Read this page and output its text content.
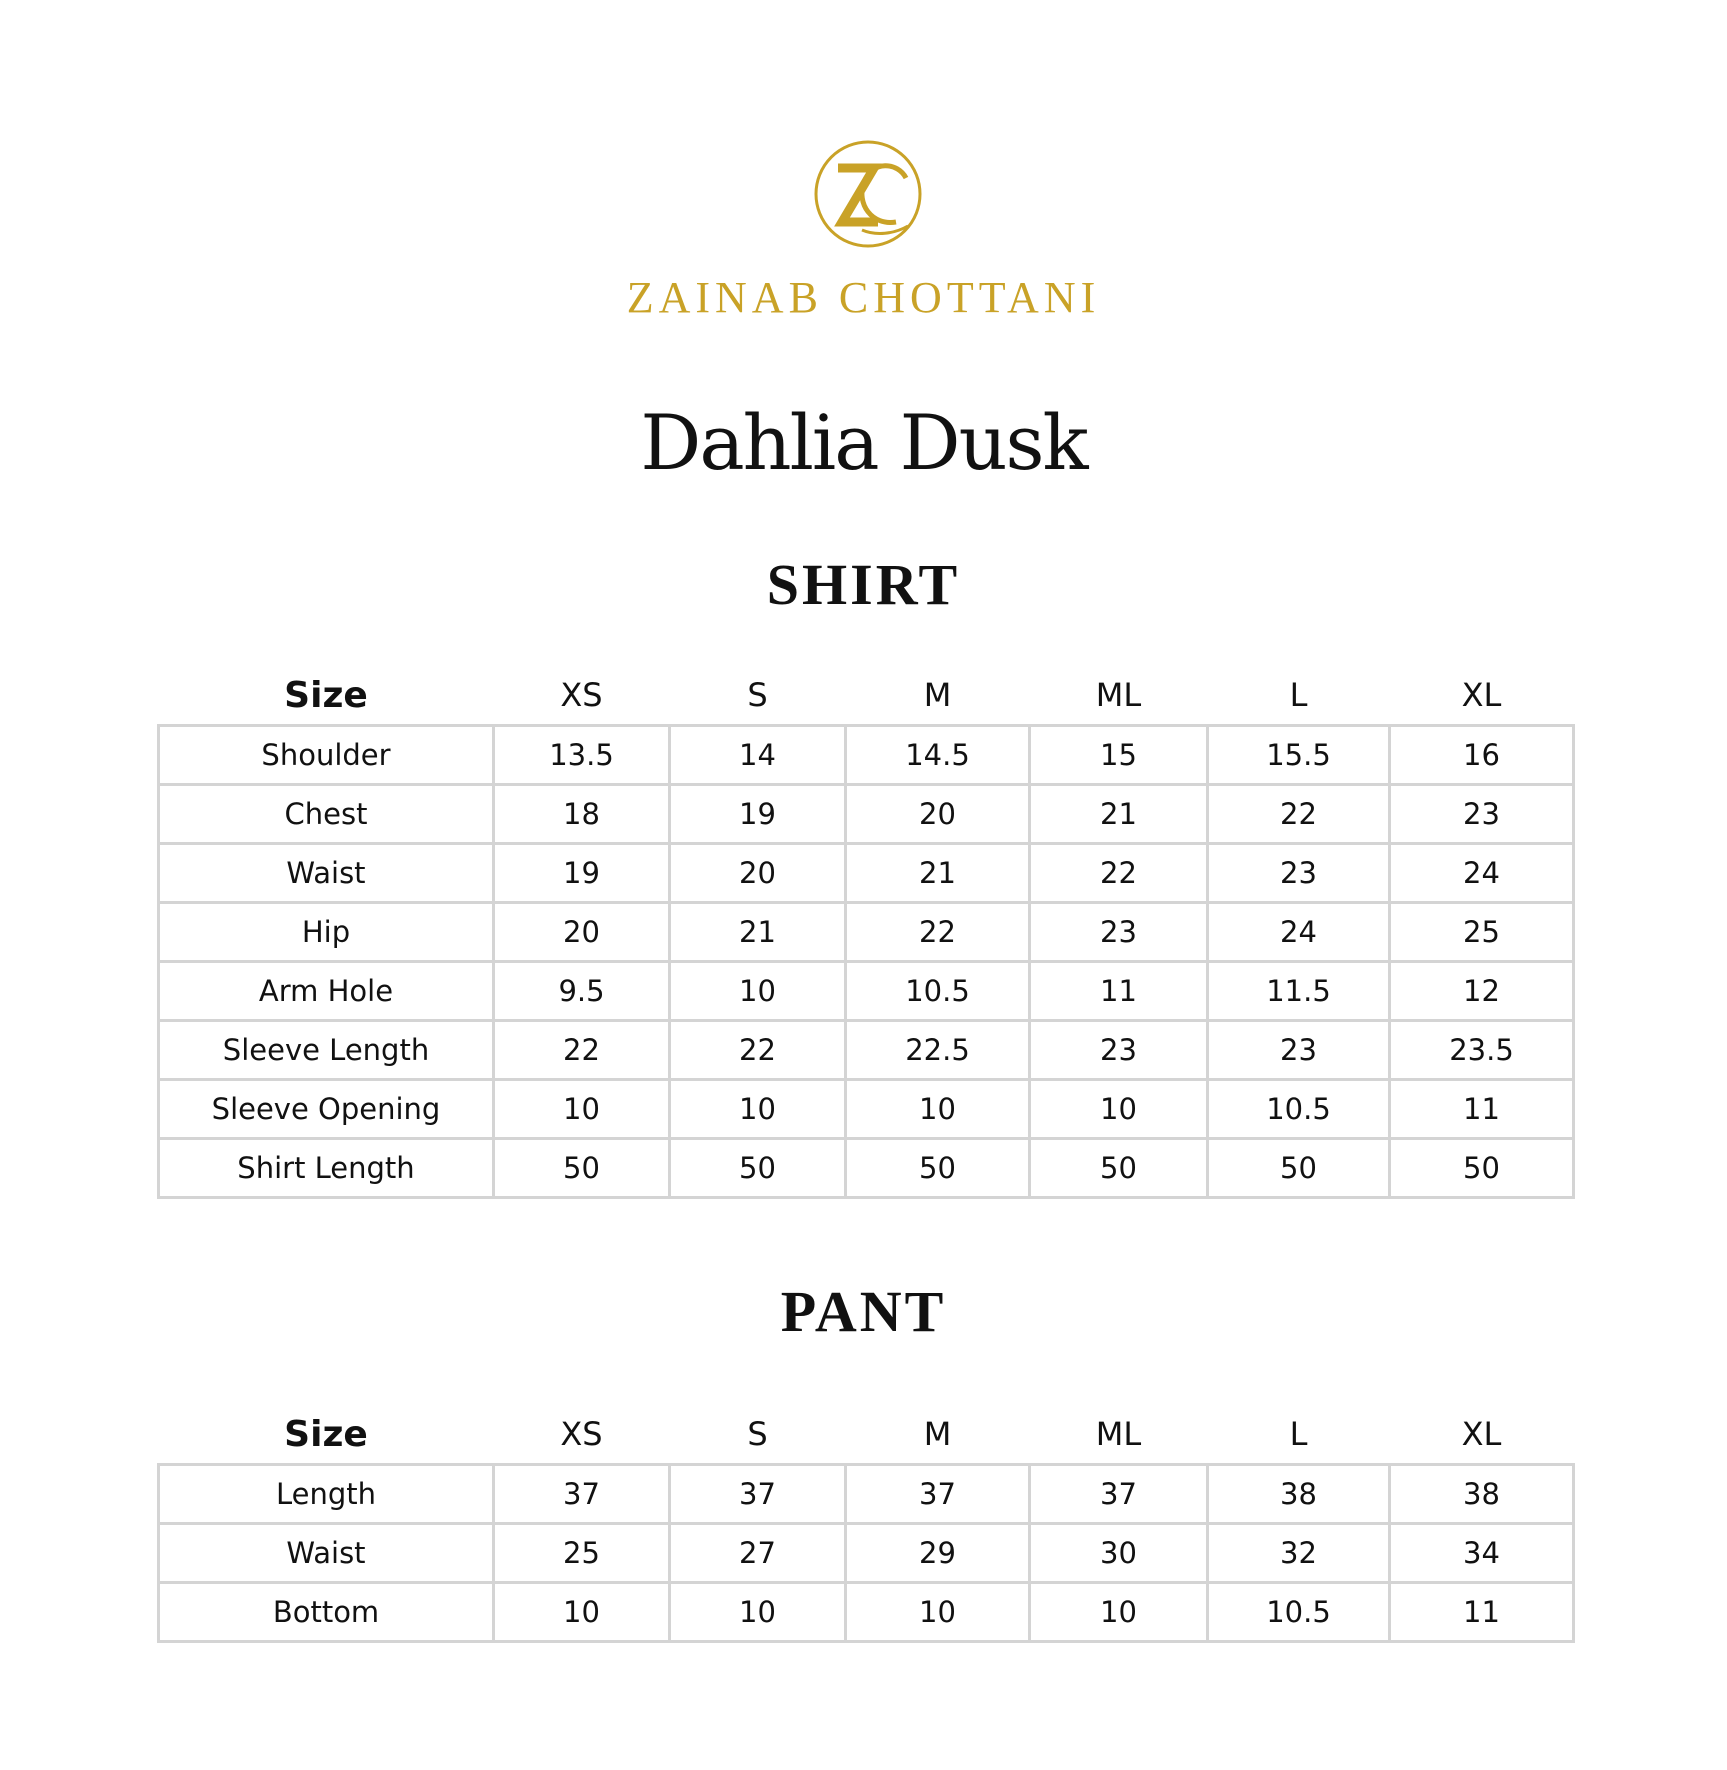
ZAINAB CHOTTANI
Dahlia Dusk
SHIRT
Size	XS	S	M	ML	L	XL
Shoulder	13.5	14	14.5	15	15.5	16
Chest	18	19	20	21	22	23
Waist	19	20	21	22	23	24
Hip	20	21	22	23	24	25
Arm Hole	9.5	10	10.5	11	11.5	12
Sleeve Length	22	22	22.5	23	23	23.5
Sleeve Opening	10	10	10	10	10.5	11
Shirt Length	50	50	50	50	50	50
PANT
Size	XS	S	M	ML	L	XL
Length	37	37	37	37	38	38
Waist	25	27	29	30	32	34
Bottom	10	10	10	10	10.5	11
